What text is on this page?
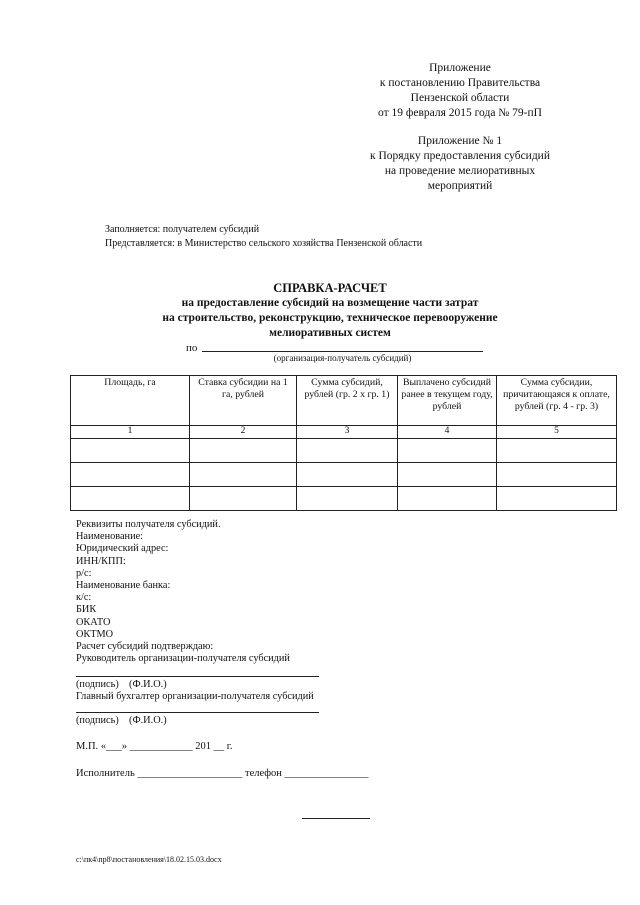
Приложение
к постановлению Правительства
Пензенской области
от 19 февраля 2015 года № 79-пП
Приложение № 1
к Порядку предоставления субсидий
на проведение мелиоративных
мероприятий
Заполняется: получателем субсидий
Представляется: в Министерство сельского хозяйства Пензенской области
СПРАВКА-РАСЧЕТ
на предоставление субсидий на возмещение части затрат
на строительство, реконструкцию, техническое перевооружение
мелиоративных систем
по
(организация-получатель субсидий)
Площадь, га	Ставка субсидии на 1 га, рублей	Сумма субсидий, рублей (гр. 2 х гр. 1)	Выплачено субсидий ранее в текущем году, рублей	Сумма субсидии, причитающаяся к оплате, рублей (гр. 4 - гр. 3)
1	2	3	4	5

Реквизиты получателя субсидий.
Наименование:
Юридический адрес:
ИНН/КПП:
р/с:
Наименование банка:
к/с:
БИК
ОКАТО
ОКТМО
Расчет субсидий подтверждаю:
Руководитель организации-получателя субсидий
(подпись)    (Ф.И.О.)
Главный бухгалтер организации-получателя субсидий
(подпись)    (Ф.И.О.)
М.П. «___» ____________ 201 __ г.
Исполнитель ____________________ телефон ________________
c:\пк4\пр8\постановления\18.02.15.03.docx
